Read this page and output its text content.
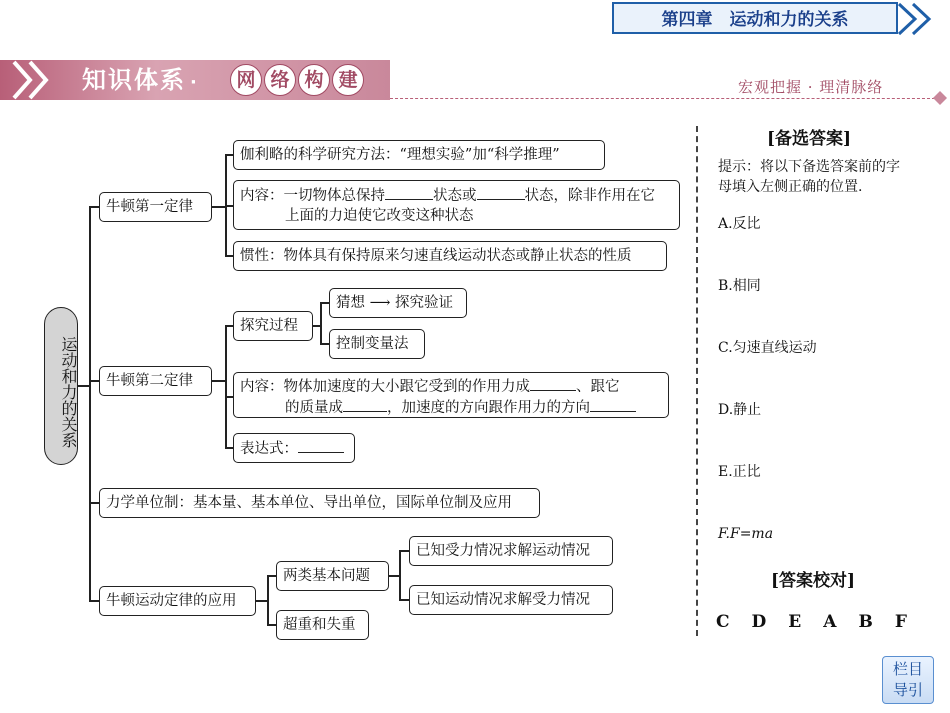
第四章　运动和力的关系
知识体系 ·	网 络 构 建	宏观把握 · 理清脉络
运动和力的关系
牛顿第一定律
伽利略的科学研究方法：“理想实验”加“科学推理”
内容：一切物体总保持	状态或	状态，除非作用在它
上面的力迫使它改变这种状态
惯性：物体具有保持原来匀速直线运动状态或静止状态的性质
牛顿第二定律
探究过程
猜想 ⟶ 探究验证
控制变量法
内容：物体加速度的大小跟它受到的作用力成	、跟它
的质量成	，加速度的方向跟作用力的方向
表达式：
力学单位制：基本量、基本单位、导出单位，国际单位制及应用
牛顿运动定律的应用
两类基本问题
超重和失重
已知受力情况求解运动情况
已知运动情况求解受力情况
[备选答案]
提示：将以下备选答案前的字
母填入左侧正确的位置.
A.反比
B.相同
C.匀速直线运动
D.静止
E.正比
F.F=ma
[答案校对]
C D E A B F
栏目
导引
